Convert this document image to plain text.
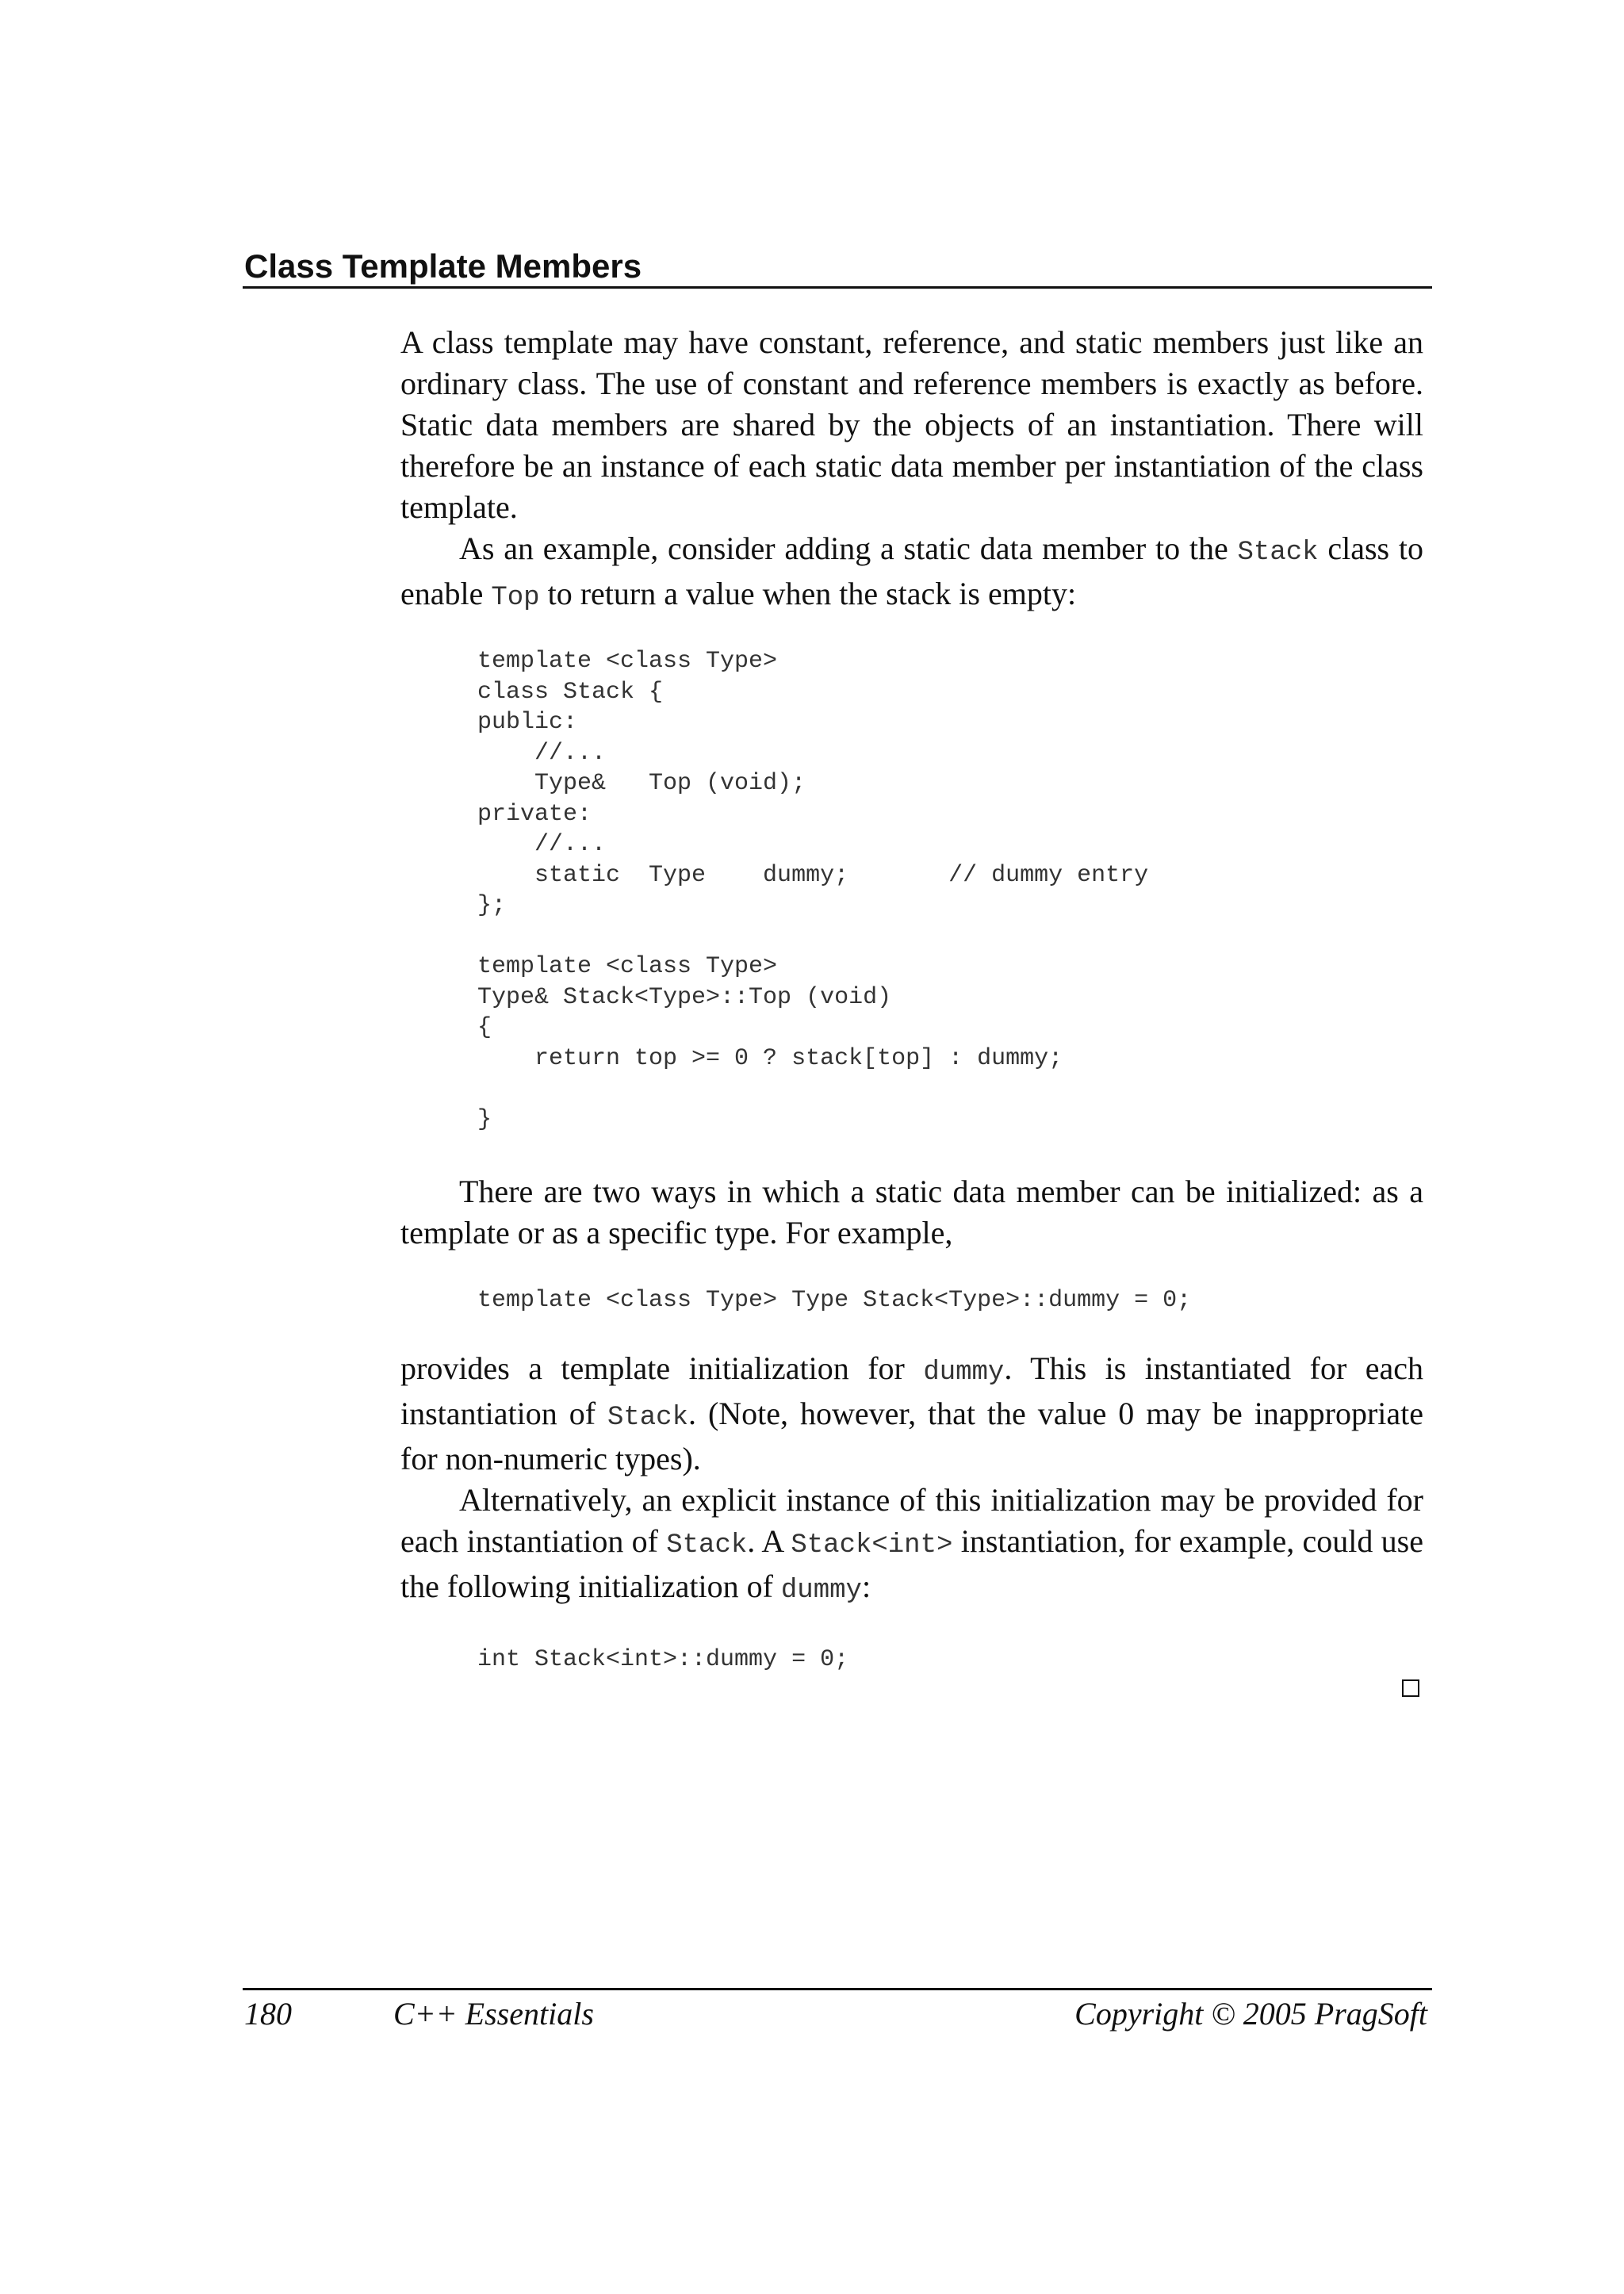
Class Template Members

A class template may have constant, reference, and static members just like an ordinary class. The use of constant and reference members is exactly as before. Static data members are shared by the objects of an instantiation. There will therefore be an instance of each static data member per instantiation of the class template.

As an example, consider adding a static data member to the Stack class to enable Top to return a value when the stack is empty:

template <class Type>
class Stack {
public:
//...
Type&   Top (void);
private:
//...
static  Type    dummy;       // dummy entry
};

template <class Type>
Type& Stack<Type>::Top (void)
{
return top >= 0 ? stack[top] : dummy;

}

There are two ways in which a static data member can be initialized: as a template or as a specific type. For example,

template <class Type> Type Stack<Type>::dummy = 0;

provides a template initialization for dummy. This is instantiated for each instantiation of Stack. (Note, however, that the value 0 may be inappropriate for non-numeric types).

Alternatively, an explicit instance of this initialization may be provided for each instantiation of Stack. A Stack<int> instantiation, for example, could use the following initialization of dummy:

int Stack<int>::dummy = 0;
180	C++ Essentials	Copyright © 2005 PragSoft
